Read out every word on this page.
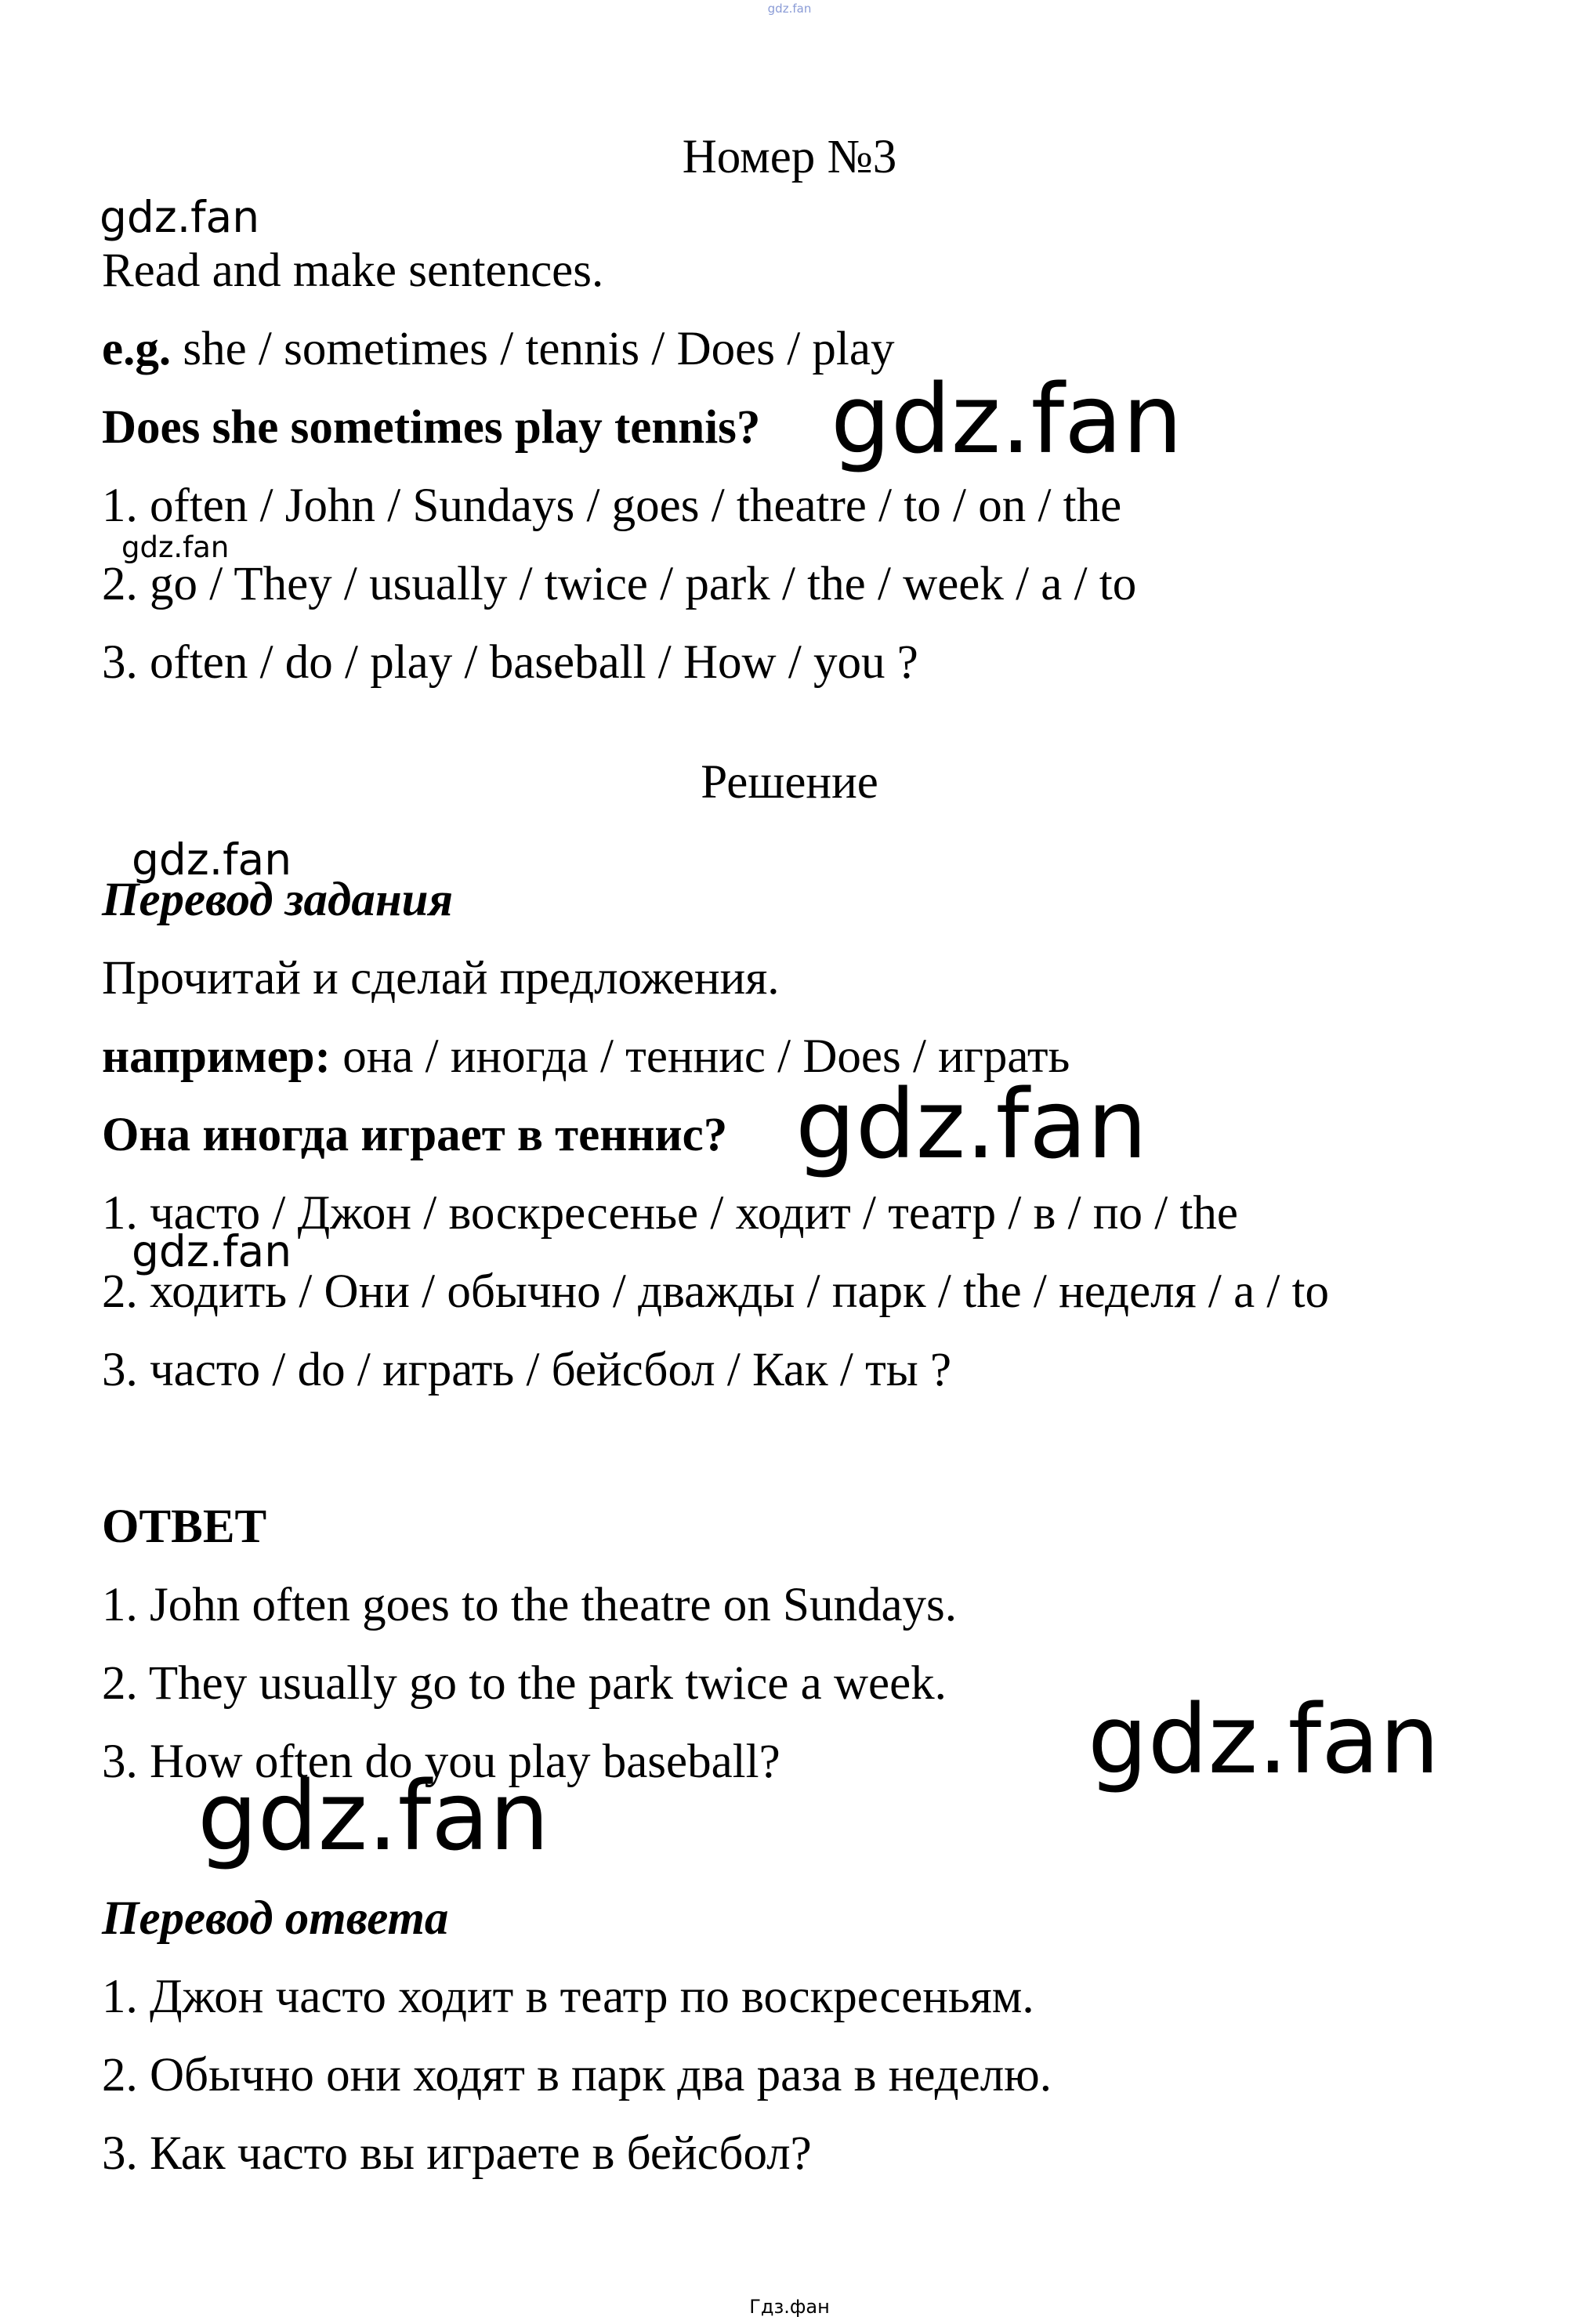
gdz.fan
Номер №3
gdz.fan
Read and make sentences.
e.g. she / sometimes / tennis / Does / play
Does she sometimes play tennis? gdz.fan
1. often / John / Sundays / goes / theatre / to / on / the
gdz.fan
2. go / They / usually / twice / park / the / week / a / to
3. often / do / play / baseball / How / you ?
Решение
gdz.fan
Перевод задания
Прочитай и сделай предложения.
например: она / иногда / теннис / Does / играть
Она иногда играет в теннис? gdz.fan
1. часто / Джон / воскресенье / ходит / театр / в / по / the
gdz.fan
2. ходить / Они / обычно / дважды / парк / the / неделя / a / to
3. часто / do / играть / бейсбол / Как / ты ?
ОТВЕТ
1. John often goes to the theatre on Sundays.
2. They usually go to the park twice a week.
3. How often do you play baseball?	gdz.fan
gdz.fan
Перевод ответа
1. Джон часто ходит в театр по воскресеньям.
2. Обычно они ходят в парк два раза в неделю.
3. Как часто вы играете в бейсбол?
Гдз.фан
